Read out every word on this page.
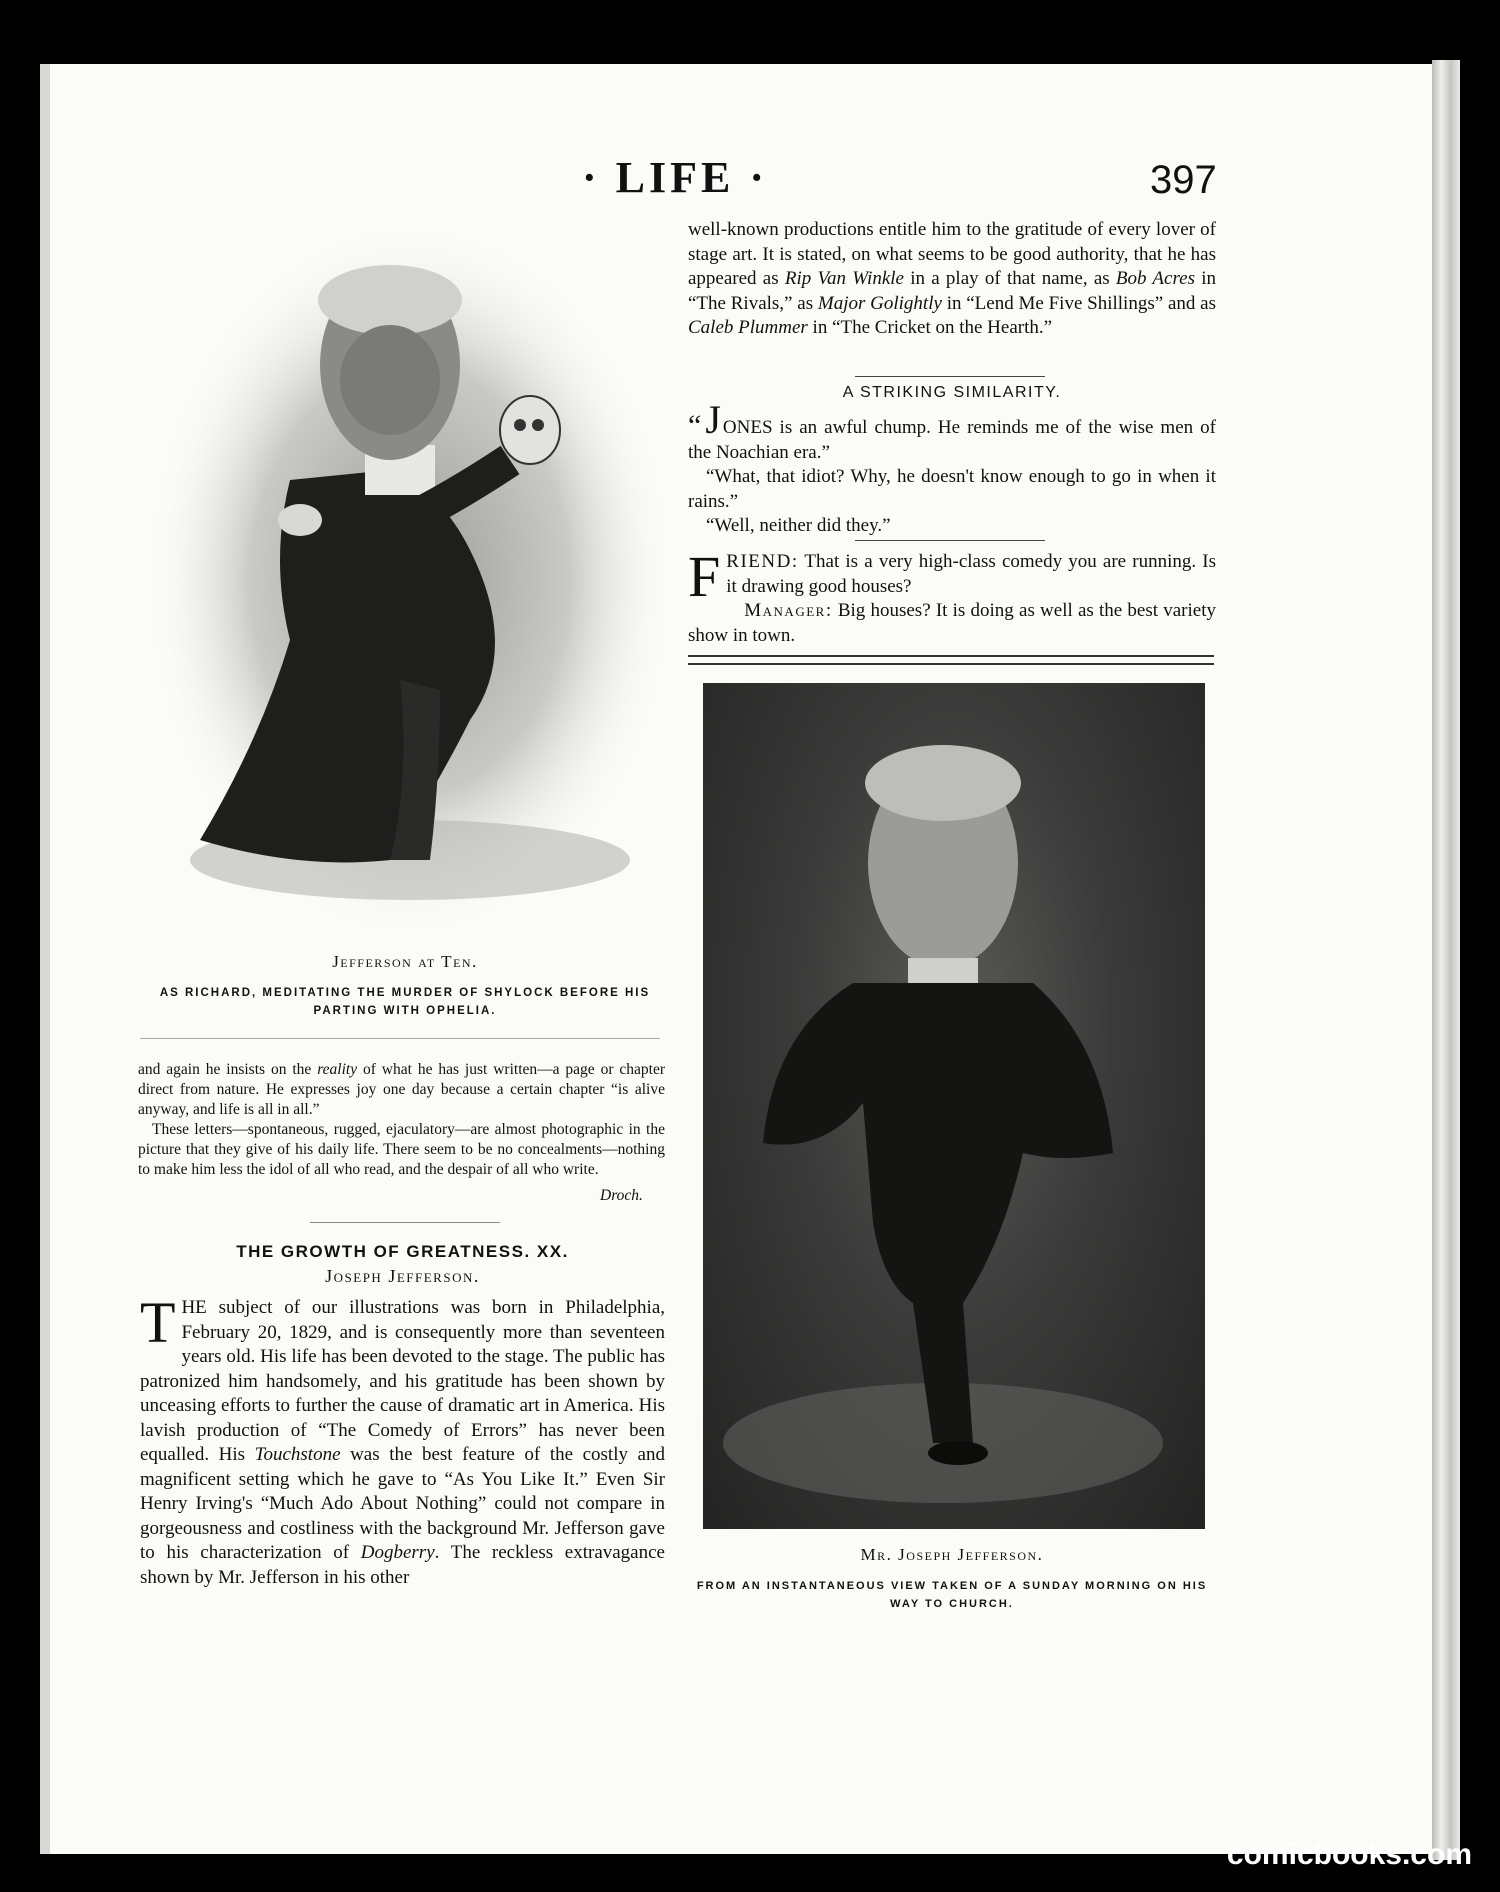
· LIFE ·	397
Jefferson at Ten.
AS RICHARD, MEDITATING THE MURDER OF SHYLOCK BEFORE HIS PARTING WITH OPHELIA.

and again he insists on the reality of what he has just written—a page or chapter direct from nature. He expresses joy one day because a certain chapter “is alive anyway, and life is all in all.”

These letters—spontaneous, rugged, ejaculatory—are almost photographic in the picture that they give of his daily life. There seem to be no concealments—nothing to make him less the idol of all who read, and the despair of all who write.

Droch.
THE GROWTH OF GREATNESS. XX.
Joseph Jefferson.

THE subject of our illustrations was born in Philadelphia, February 20, 1829, and is consequently more than seventeen years old. His life has been devoted to the stage. The public has patronized him handsomely, and his gratitude has been shown by unceasing efforts to further the cause of dramatic art in America. His lavish production of “The Comedy of Errors” has never been equalled. His Touchstone was the best feature of the costly and magnificent setting which he gave to “As You Like It.” Even Sir Henry Irving's “Much Ado About Nothing” could not compare in gorgeousness and costliness with the background Mr. Jefferson gave to his characterization of Dogberry. The reckless extravagance shown by Mr. Jefferson in his other

well-known productions entitle him to the gratitude of every lover of stage art. It is stated, on what seems to be good authority, that he has appeared as Rip Van Winkle in a play of that name, as Bob Acres in “The Rivals,” as Major Golightly in “Lend Me Five Shillings” and as Caleb Plummer in “The Cricket on the Hearth.”

A STRIKING SIMILARITY.

“ J ONES is an awful chump. He reminds me of the wise men of the Noachian era.”

“What, that idiot? Why, he doesn't know enough to go in when it rains.”

“Well, neither did they.”

FRIEND: That is a very high-class comedy you are running. Is it drawing good houses?

Manager: Big houses? It is doing as well as the best variety show in town.

Mr. Joseph Jefferson.
FROM AN INSTANTANEOUS VIEW TAKEN OF A SUNDAY MORNING ON HIS WAY TO CHURCH.
comicbooks.com
